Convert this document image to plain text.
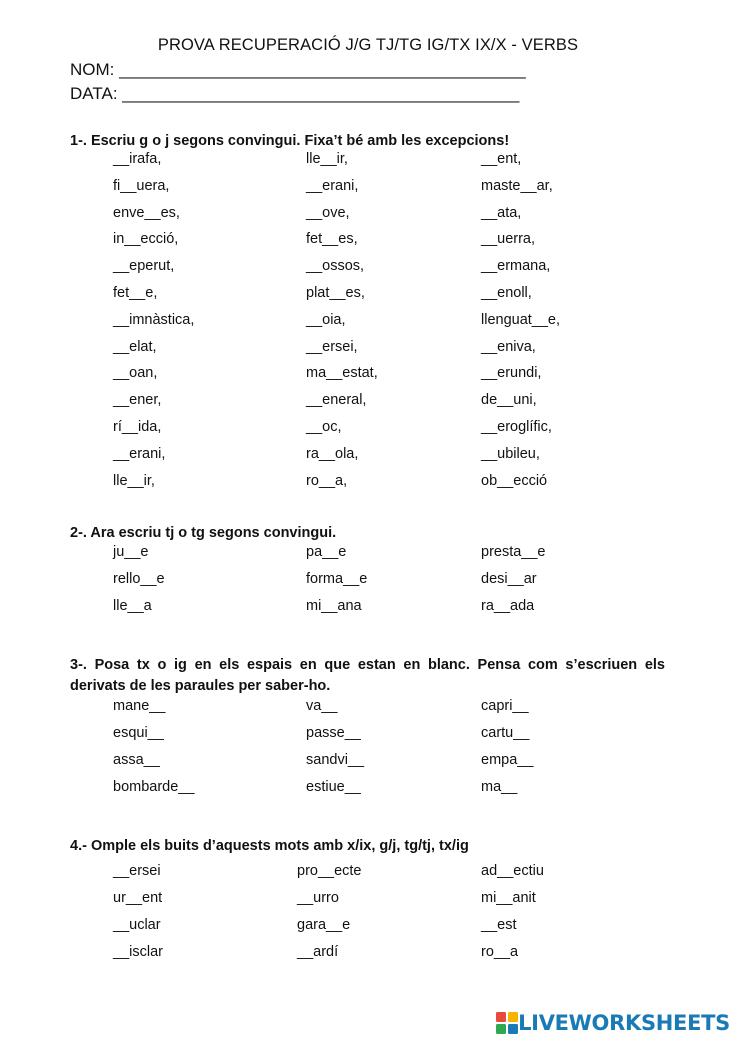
PROVA RECUPERACIÓ J/G TJ/TG IG/TX IX/X - VERBS
NOM: ___________________________________________
DATA: __________________________________________
1-. Escriu g o j segons convingui. Fixa’t bé amb les excepcions!
__irafa,	lle__ir,	__ent,
fi__uera,	__erani,	maste__ar,
enve__es,	__ove,	__ata,
in__ecció,	fet__es,	__uerra,
__eperut,	__ossos,	__ermana,
fet__e,	plat__es,	__enoll,
__imnàstica,	__oia,	llenguat__e,
__elat,	__ersei,	__eniva,
__oan,	ma__estat,	__erundi,
__ener,	__eneral,	de__uni,
rí__ida,	__oc,	__eroglífic,
__erani,	ra__ola,	__ubileu,
lle__ir,	ro__a,	ob__ecció
2-. Ara escriu tj o tg segons convingui.
ju__e	pa__e	presta__e
rello__e	forma__e	desi__ar
lle__a	mi__ana	ra__ada
3-. Posa tx o ig en els espais en que estan en blanc. Pensa com s’escriuen els derivats de les paraules per saber-ho.
mane__	va__	capri__
esqui__	passe__	cartu__
assa__	sandvi__	empa__
bombarde__	estiue__	ma__
4.- Omple els buits d’aquests mots amb x/ix, g/j, tg/tj, tx/ig
__ersei	pro__ecte	ad__ectiu
ur__ent	__urro	mi__anit
__uclar	gara__e	__est
__isclar	__ardí	ro__a
LIVEWORKSHEETS
